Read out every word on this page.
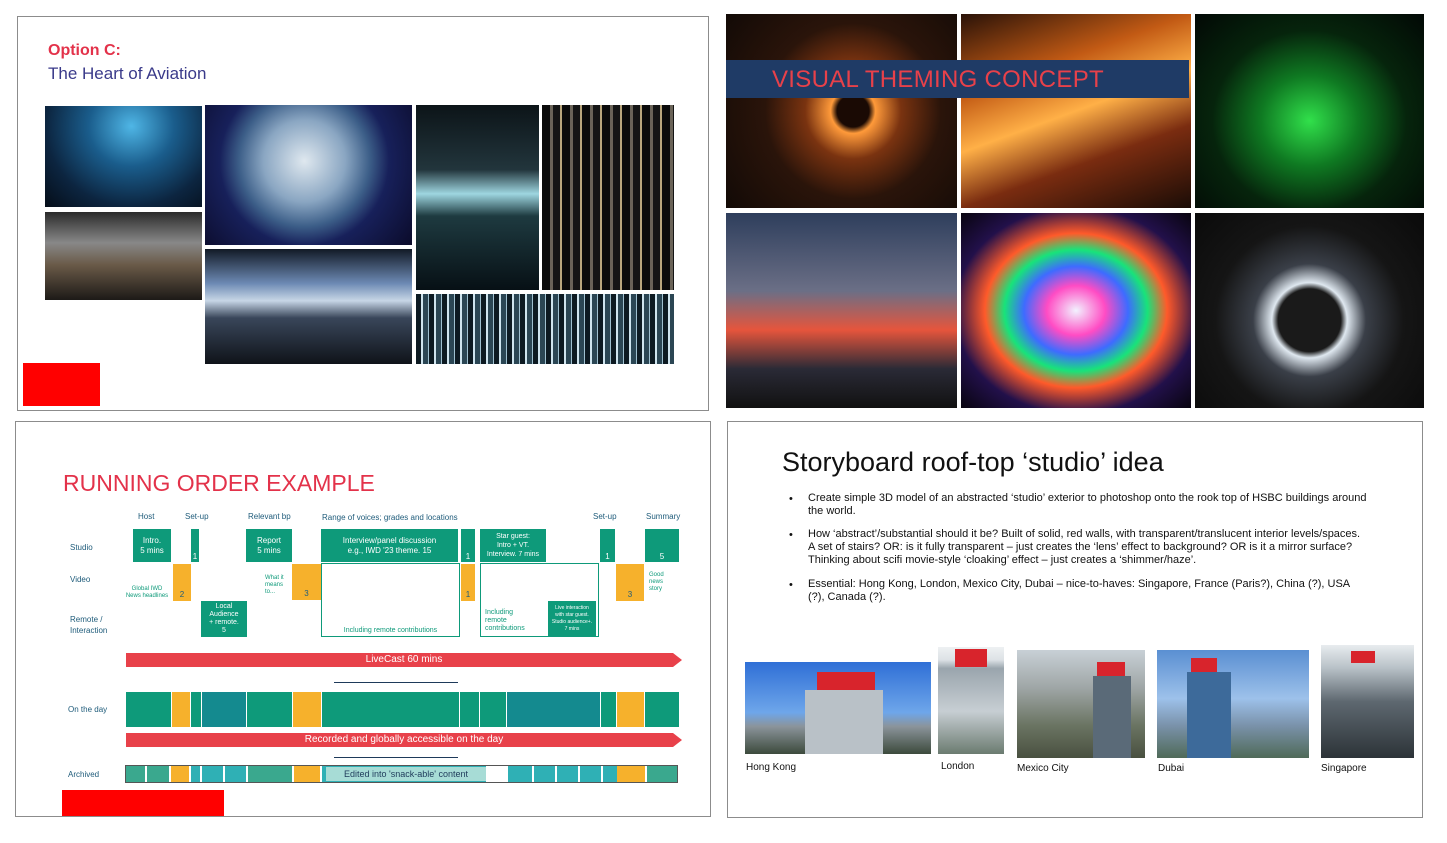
Option C:
The Heart of Aviation	VISUAL THEMING CONCEPT
RUNNING ORDER EXAMPLE
Host	Set-up	Relevant bp	Range of voices; grades and locations	Set-up	Summary
Studio
Video
Remote /
Interaction
On the day
Archived
Intro.
5 mins
1
Report
5 mins
Interview/panel discussion
e.g., IWD '23 theme. 15
1
Star guest:
Intro + VT.
Interview. 7 mins	1	5
Global IWD
News headlines	2
What it
means
to...	3	1	3
Good
news
story
Local
Audience
+ remote.
5	Including remote contributions
Including
remote
contributions
Live interaction
with star guest.
Studio audience+.
7 mins
LiveCast 60 mins
Recorded and globally accessible on the day
Edited into 'snack-able' content
Storyboard roof-top ‘studio’ idea
• Create simple 3D model of an abstracted ‘studio’ exterior to photoshop onto the rook top of HSBC buildings around the world.
• How ‘abstract’/substantial should it be? Built of solid, red walls, with transparent/translucent interior levels/spaces. A set of stairs? OR: is it fully transparent – just creates the ‘lens’ effect to background? OR is it a mirror surface? Thinking about scifi movie-style ‘cloaking’ effect – just creates a ‘shimmer/haze’.
• Essential: Hong Kong, London, Mexico City, Dubai – nice-to-haves: Singapore, France (Paris?), China (?), USA (?), Canada (?).
Hong Kong	London	Mexico City	Dubai	Singapore
